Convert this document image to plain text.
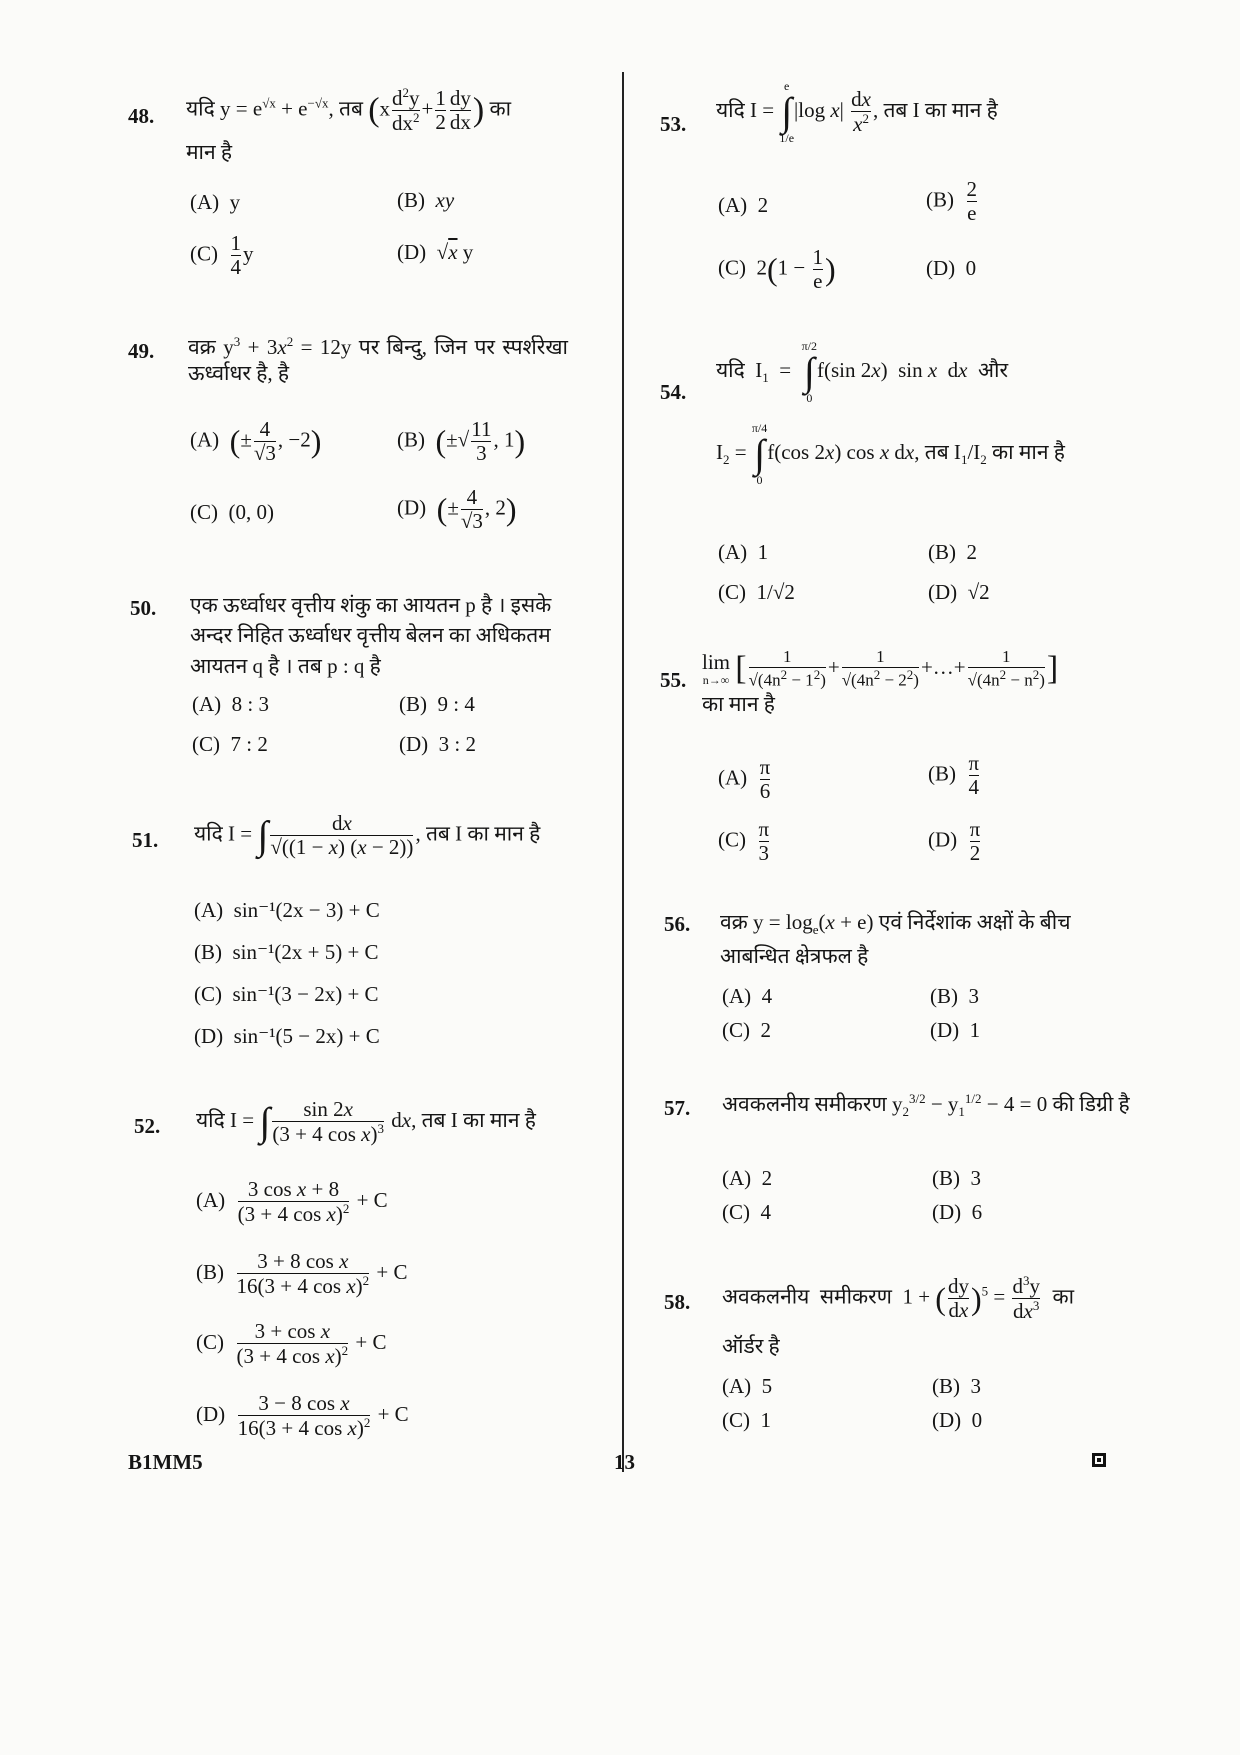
48. यदि $y = e^{√x} + e^{-√x}$, तब ($x \frac{d^2y}{dx^2} + \frac{1}{2} \frac{dy}{dx}$ ) का
मान है
(A)  y	(B)  xy
$(C) \frac{1}{4}$ y	(D)  √x y
49. वक्र $y^3 + 3x^2 = 12y$ पर बिन्दु, जिन पर स्पर्शरेखा ऊर्ध्वाधर है, है
(A)  (± $\frac{4}{√3}$ , −2)	(B)  (±√ $\frac{11}{3}$ , 1)
(C)  (0, 0)	(D)  (± $\frac{4}{√3}$ , 2)
50. एक ऊर्ध्वाधर वृत्तीय शंकु का आयतन p है । इसके अन्दर निहित ऊर्ध्वाधर वृत्तीय बेलन का अधिकतम आयतन q है । तब p : q है
(A) 8 : 3	(B) 9 : 4
(C) 7 : 2	(D) 3 : 2
51. यदि I = ∫ $\frac{dx}{√((1 - x) (x - 2))}$ , तब I का मान है
(A) sin⁻¹(2x − 3) + C
(B) sin⁻¹(2x + 5) + C
(C) sin⁻¹(3 − 2x) + C
(D) sin⁻¹(5 − 2x) + C
52. यदि I = ∫ $\frac{\sin 2x}{(3 + 4 \cos x)^3}$ dx, तब I का मान है
$(A) \frac{\text{3 cos x + 8}}{(3 + 4 \cos x)^2} + C$
$(B) \frac{\text{3 + 8 cos x}}{16(3 + 4 \cos x)^2} + C$
$(C) \frac{\text{3 + cos x}}{(3 + 4 \cos x)^2} + C$
$(D) \frac{\text{3 − 8 cos x}}{16(3 + 4 \cos x)^2} + C$
53.
यदि I =
e
∫
1/e
|log $x| \frac{dx}{x^2}$ , तब I का मान है
(A)  2	$(B) \frac{2}{e}$
(C)  $2(1 - \frac{1}{e}$ )	(D)  0
54.
यदि  $I_1$  =
π/2
∫
0
f(sin 2x)  sin x  dx  और
$I_2$ =
π/4
∫
0
f(cos 2x) cos x dx, तब $I_1/I_2$ का मान है
(A)  1	(B)  2
(C)  1/√2	(D)  √2
55.
lim
n→∞ [ $\frac{1}{√(4n^2 - 1^2)} + \frac{1}{√(4n^2 - 2^2)}$ +…+ $\frac{1}{√(4n^2 - n^2)}$ ]
का मान है
$(A) \frac{\pi}{6}$	$(B) \frac{\pi}{4}$
$(C) \frac{\pi}{3}$	$(D) \frac{\pi}{2}$
56. वक्र $y = \log_e(x + e)$ एवं निर्देशांक अक्षों के बीच आबन्धित क्षेत्रफल है
(A) 4	(B) 3
(C) 2	(D) 1
57. अवकलनीय समीकरण $y_2^{3/2} - y_1^{1/2} - 4 = 0$ की डिग्री है
(A) 2	(B) 3
(C) 4	(D) 6
58. अवकलनीय  समीकरण  1 + ( $\frac{dy}{dx} )^5 = \frac{d^3y}{dx^3}$ का
ऑर्डर है
(A) 5	(B) 3
(C) 1	(D) 0
B1MM5	13
